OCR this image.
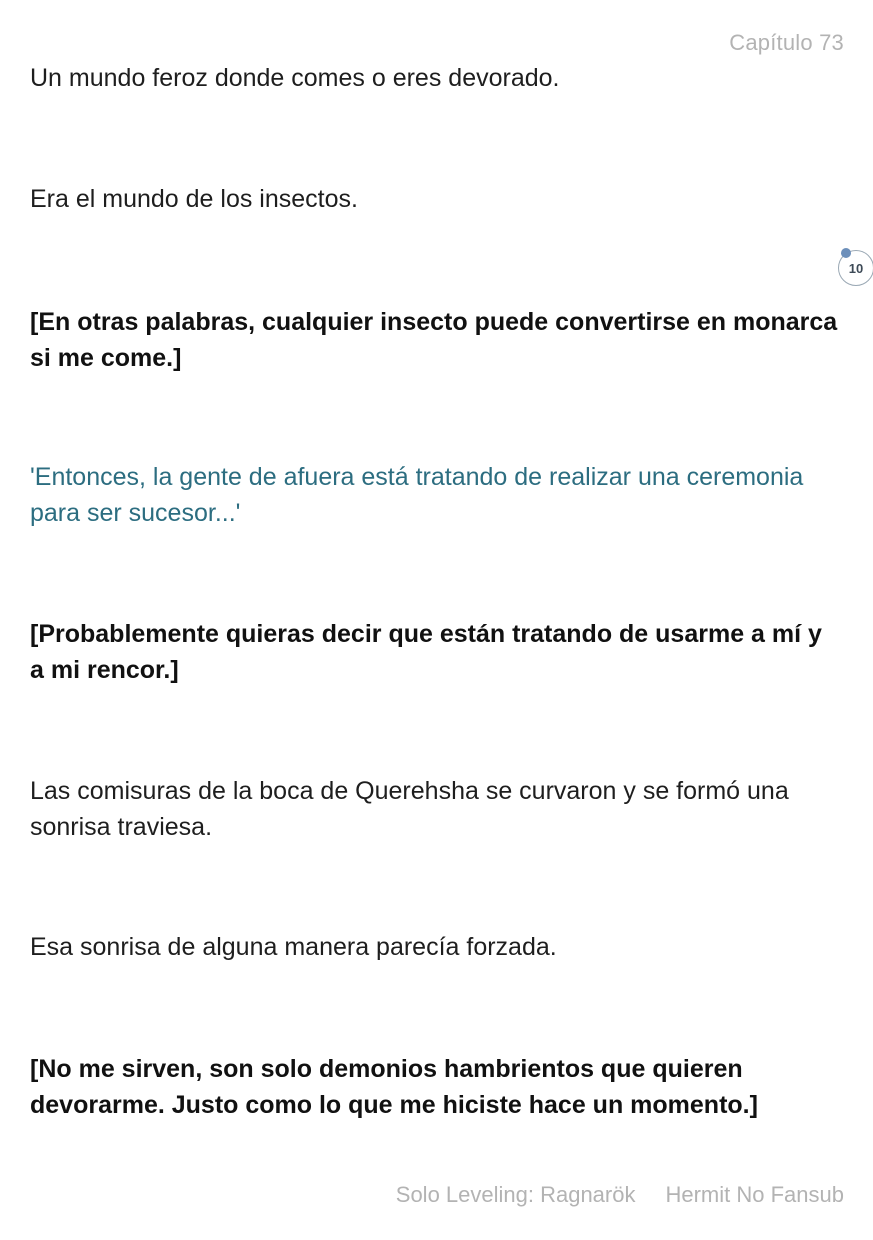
Capítulo 73

Un mundo feroz donde comes o eres devorado.

Era el mundo de los insectos.

[En otras palabras, cualquier insecto puede convertirse en monarca si me come.]

'Entonces, la gente de afuera está tratando de realizar una ceremonia para ser sucesor...'

[Probablemente quieras decir que están tratando de usarme a mí y a mi rencor.]

Las comisuras de la boca de Querehsha se curvaron y se formó una sonrisa traviesa.

Esa sonrisa de alguna manera parecía forzada.

[No me sirven, son solo demonios hambrientos que quieren devorarme. Justo como lo que me hiciste hace un momento.]

10
Solo Leveling: Ragnarök Hermit No Fansub
